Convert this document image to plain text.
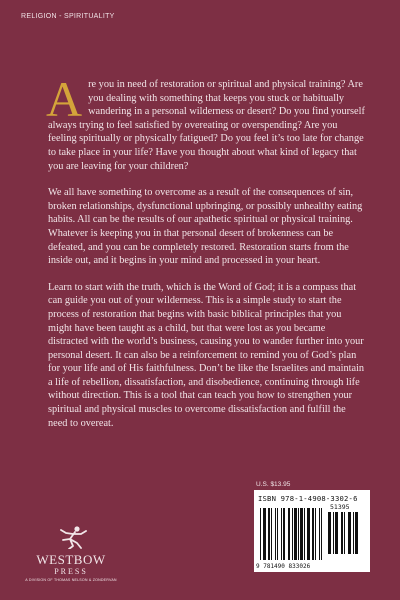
RELIGION - SPIRITUALITY

Are you in need of restoration or spiritual and physical training? Are you dealing with something that keeps you stuck or habitually wandering in a personal wilderness or desert? Do you find yourself always trying to feel satisfied by overeating or overspending? Are you feeling spiritually or physically fatigued? Do you feel it’s too late for change to take place in your life? Have you thought about what kind of legacy that you are leaving for your children?

We all have something to overcome as a result of the consequences of sin, broken relationships, dysfunctional upbringing, or possibly unhealthy eating habits. All can be the results of our apathetic spiritual or physical training. Whatever is keeping you in that personal desert of brokenness can be defeated, and you can be completely restored. Restoration starts from the inside out, and it begins in your mind and processed in your heart.

Learn to start with the truth, which is the Word of God; it is a compass that can guide you out of your wilderness. This is a simple study to start the process of restoration that begins with basic biblical principles that you might have been taught as a child, but that were lost as you became distracted with the world’s business, causing you to wander further into your personal desert. It can also be a reinforcement to remind you of God’s plan for your life and of His faithfulness. Don’t be like the Israelites and maintain a life of rebellion, dissatisfaction, and disobedience, continuing through life without direction. This is a tool that can teach you how to strengthen your spiritual and physical muscles to overcome dissatisfaction and fulfill the need to overeat.

U.S. $13.95
ISBN 978-1-4908-3302-6
51395
9 781490 833026
WESTBOW
PRESS
A DIVISION OF THOMAS NELSON & ZONDERVAN
